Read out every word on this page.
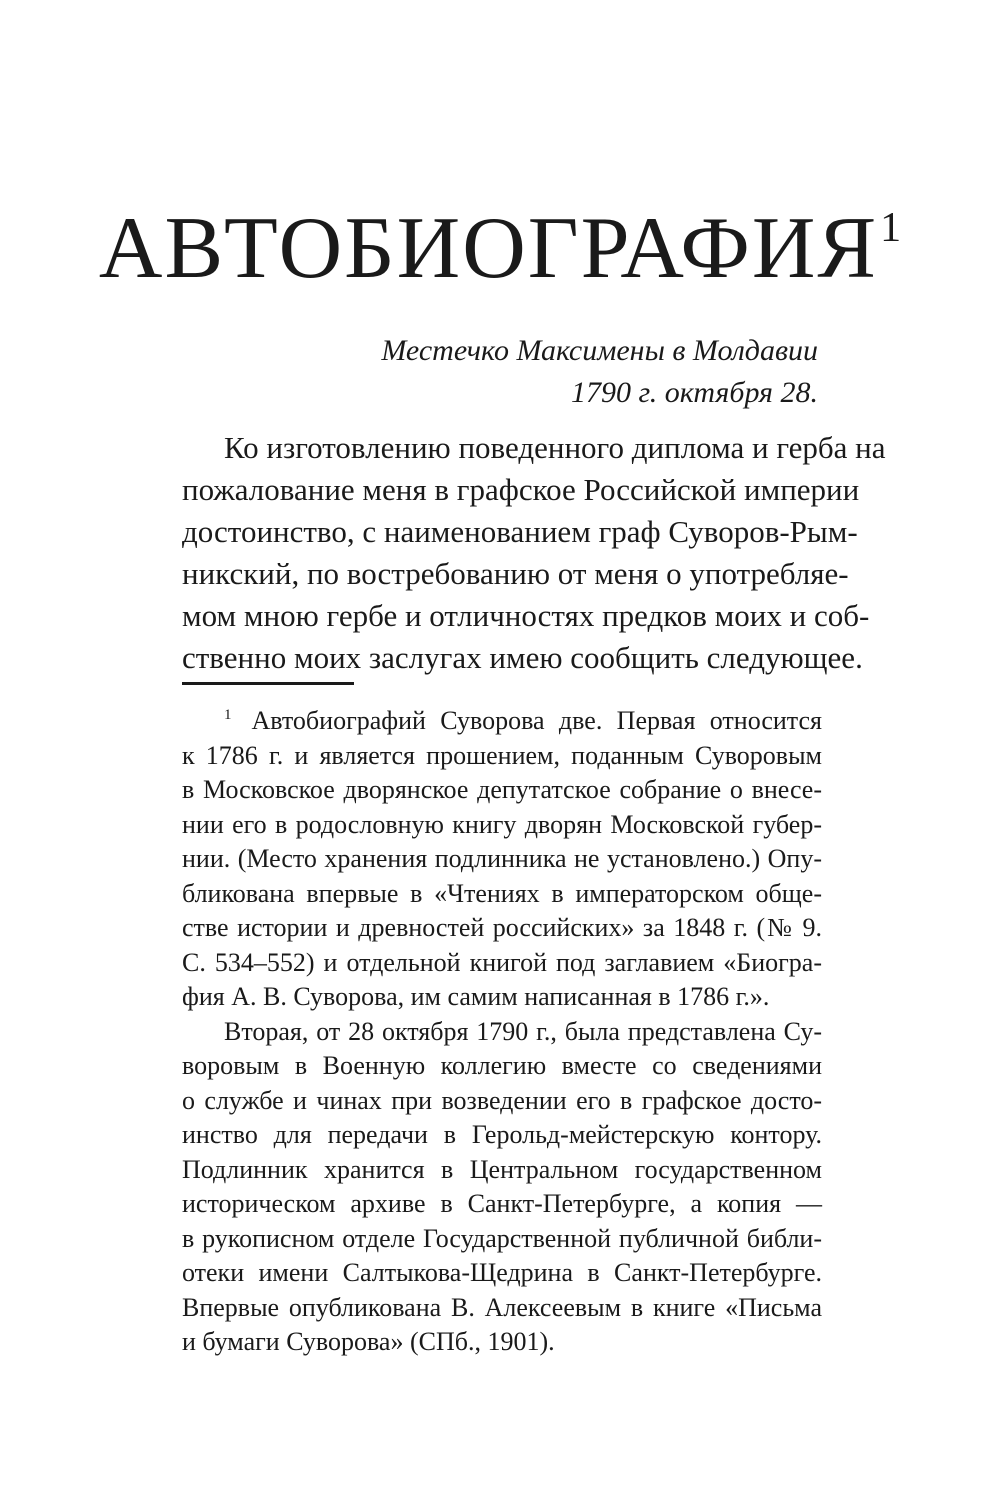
АВТОБИОГРАФИЯ$^1$
Местечко Максимены в Молдавии
1790 г. октября 28.
Ко изготовлению поведенного диплома и герба на
пожалование меня в графское Российской империи
достоинство, с наименованием граф Суворов-Рым-
никский, по востребованию от меня о употребляе-
мом мною гербе и отличностях предков моих и соб-
ственно моих заслугах имею сообщить следующее.
$^1$ Автобиографий Суворова две. Первая относится
к 1786 г. и является прошением, поданным Суворовым
в Московское дворянское депутатское собрание о внесе-
нии его в родословную книгу дворян Московской губер-
нии. (Место хранения подлинника не установлено.) Опу-
бликована впервые в «Чтениях в императорском обще-
стве истории и древностей российских» за 1848 г. (№ 9.
С. 534–552) и отдельной книгой под заглавием «Биогра-
фия А. В. Суворова, им самим написанная в 1786 г.».
Вторая, от 28 октября 1790 г., была представлена Су-
воровым в Военную коллегию вместе со сведениями
о службе и чинах при возведении его в графское досто-
инство для передачи в Герольд-мейстерскую контору.
Подлинник хранится в Центральном государственном
историческом архиве в Санкт-Петербурге, а копия —
в рукописном отделе Государственной публичной библи-
отеки имени Салтыкова-Щедрина в Санкт-Петербурге.
Впервые опубликована В. Алексеевым в книге «Письма
и бумаги Суворова» (СПб., 1901).
